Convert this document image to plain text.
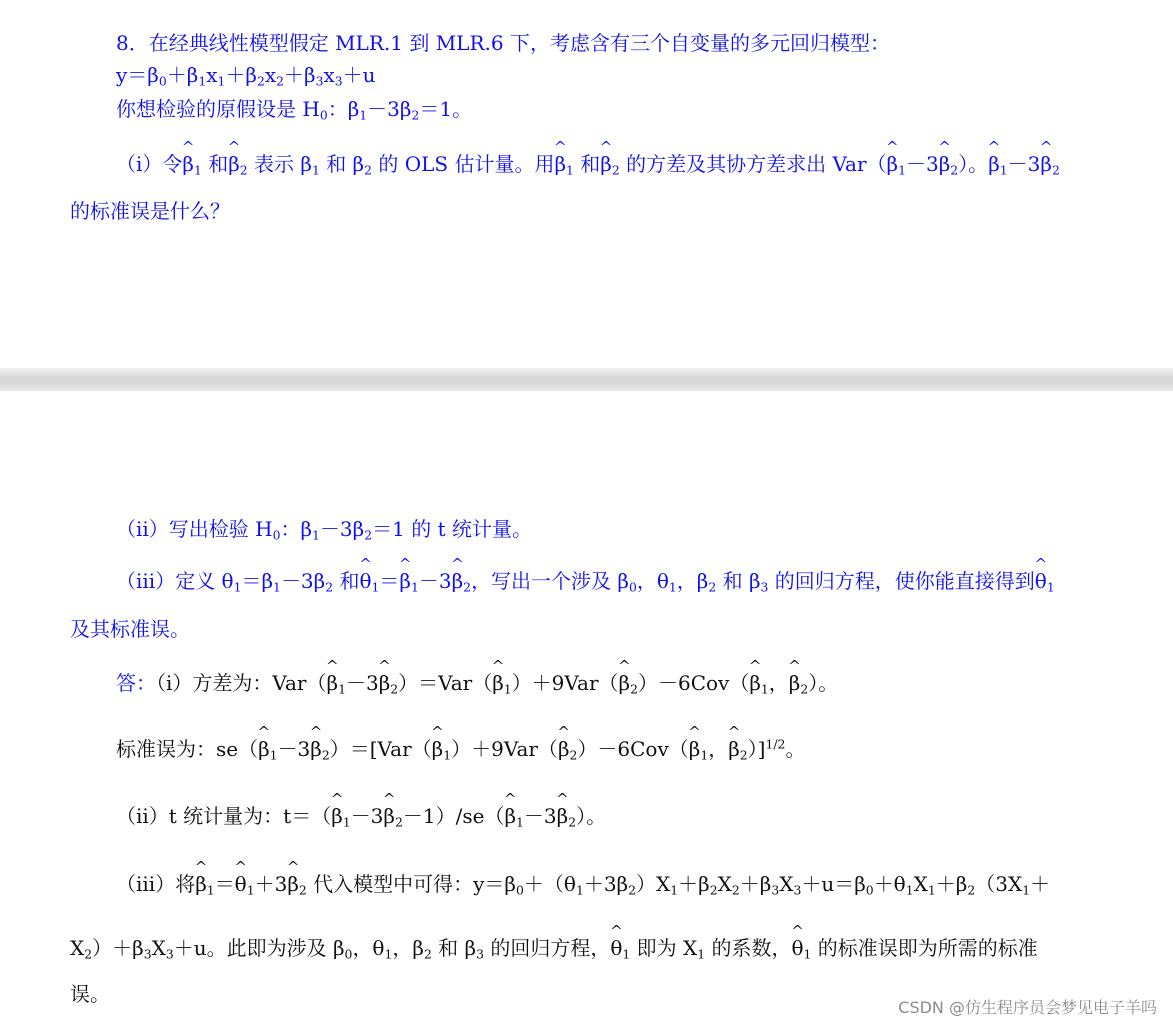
8．在经典线性模型假定 MLR.1 到 MLR.6 下，考虑含有三个自变量的多元回归模型：
$y=\beta_0+\beta_1x_1+\beta_2x_2+\beta_3x_3+u$
你想检验的原假设是 $H_0$：$\beta_1-3\beta_2=1$。
（i）令^ $\beta_1$ 和^ $\beta_2$ 表示 $\beta_1$ 和 $\beta_2$ 的 OLS 估计量。用^ $\beta_1$ 和^ $\beta_2$ 的方差及其协方差求出 Var（^ $\beta_1-3\^{}$ $\beta_2$）。^ $\beta_1-3\^{}$ $\beta_2$
的标准误是什么？
（ii）写出检验 $H_0$：$\beta_1-3\beta_2=1$ 的 t 统计量。
（iii）定义 $\theta_1=\beta_1-3\beta_2$ 和^ $\theta_1=\^{}$ $\beta_1-3\^{}$ $\beta_2$，写出一个涉及 $\beta_0$，$\theta_1$，$\beta_2$ 和 $\beta_3$ 的回归方程，使你能直接得到^ $\theta_1$
及其标准误。
答：（i）方差为：Var（^ $\beta_1-3\^{}$ $\beta_2)=Var(\^{}$ $\beta_1)+9Var(\^{}$ $\beta_2)-6Cov(\^{}$ $\beta_1$，^ $\beta_2$）。
标准误为：se（^ $\beta_1-3\^{}$ $\beta_2)=[Var(\^{}$ $\beta_1)+9Var(\^{}$ $\beta_2)-6Cov(\^{}$ $\beta_1$，^ $\beta_2)]^{1/2}$。
（ii）t 统计量为：t＝（^ $\beta_1-3\^{}$ $\beta_2-1)/se(\^{}$ $\beta_1-3\^{}$ $\beta_2$）。
（iii）将^ $\beta_1=\^{}$ $\theta_1+3\^{}$ $\beta_2$ 代入模型中可得：$y=\beta_0+(\theta_1+3\beta_2)X_1+\beta_2X_2+\beta_3X_3+u=\beta_0+\theta_1X_1+\beta_2(3X_1+$
$X_2)+\beta_3X_3+u$。此即为涉及 $\beta_0$，$\theta_1$，$\beta_2$ 和 $\beta_3$ 的回归方程，^ $\theta_1$ 即为 $X_1$ 的系数，^ $\theta_1$ 的标准误即为所需的标准
误。
CSDN @仿生程序员会梦见电子羊吗
